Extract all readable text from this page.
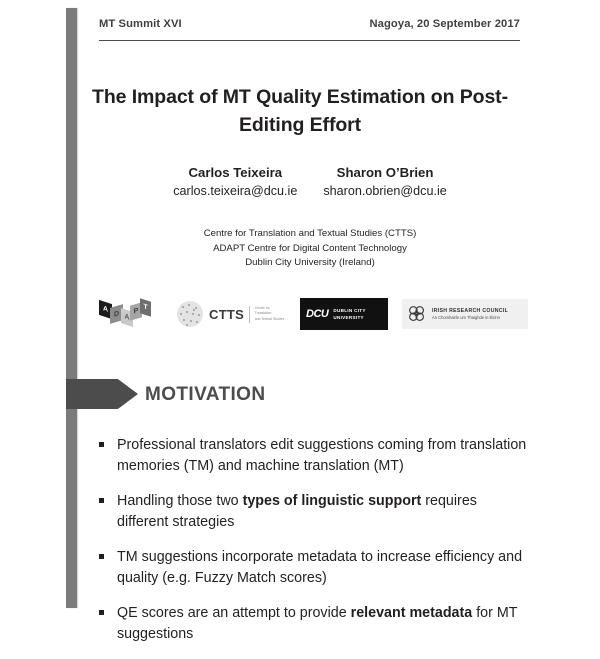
MT Summit XVI	Nagoya, 20 September 2017
The Impact of MT Quality Estimation on Post-Editing Effort
Carlos Teixeira
carlos.teixeira@dcu.ie
Sharon O’Brien
sharon.obrien@dcu.ie
Centre for Translation and Textual Studies (CTTS)
ADAPT Centre for Digital Content Technology
Dublin City University (Ireland)
A
D A
P T	CTTS	Centre for Translation
and Textual Studies DCU DUBLIN CITY
UNIVERSITY
IRISH RESEARCH COUNCIL
An Chomhairle um Thaighde in Éirinn
MOTIVATION
Professional translators edit suggestions coming from translation memories (TM) and machine translation (MT)
Handling those two types of linguistic support requires different strategies
TM suggestions incorporate metadata to increase efficiency and quality (e.g. Fuzzy Match scores)
QE scores are an attempt to provide relevant metadata for MT suggestions
